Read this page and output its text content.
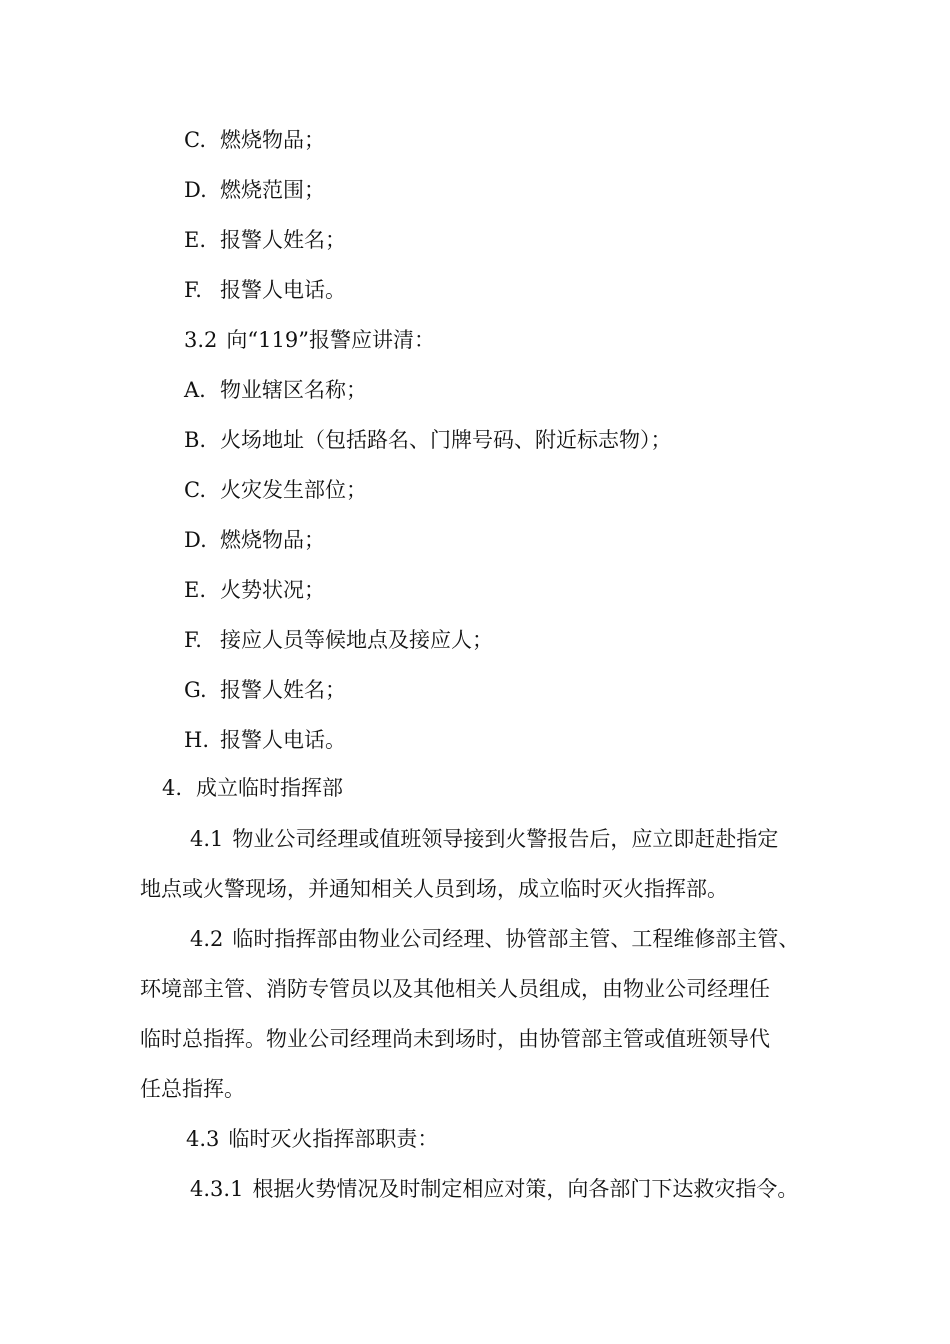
C. 燃烧物品；
D. 燃烧范围；
E. 报警人姓名；
F. 报警人电话。
3.2 向“119”报警应讲清：
A. 物业辖区名称；
B. 火场地址（包括路名、门牌号码、附近标志物）；
C. 火灾发生部位；
D. 燃烧物品；
E. 火势状况；
F. 接应人员等候地点及接应人；
G. 报警人姓名；
H. 报警人电话。
4. 成立临时指挥部
4.1 物业公司经理或值班领导接到火警报告后，应立即赶赴指定
地点或火警现场，并通知相关人员到场，成立临时灭火指挥部。
4.2 临时指挥部由物业公司经理、协管部主管、工程维修部主管、
环境部主管、消防专管员以及其他相关人员组成，由物业公司经理任
临时总指挥。物业公司经理尚未到场时，由协管部主管或值班领导代
任总指挥。
4.3 临时灭火指挥部职责：
4.3.1 根据火势情况及时制定相应对策，向各部门下达救灾指令。
